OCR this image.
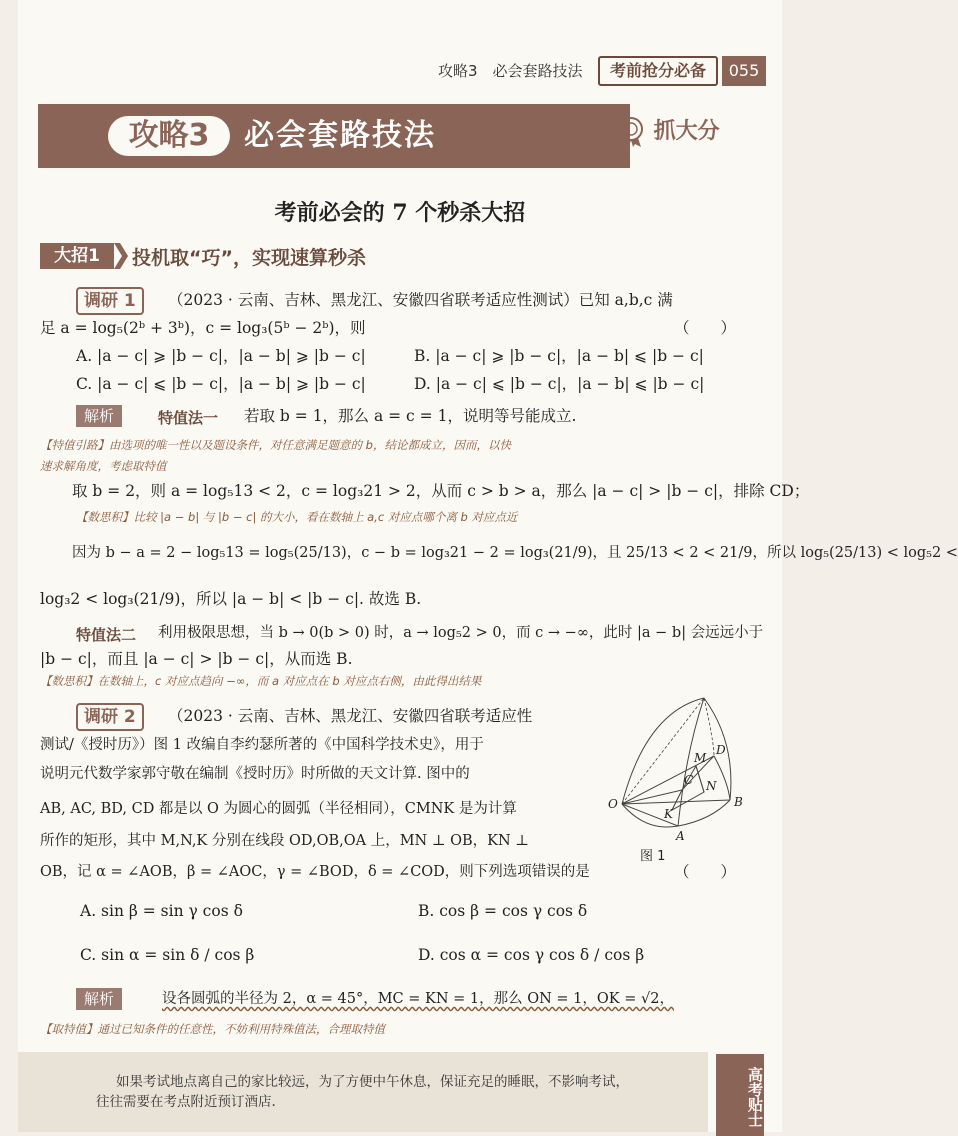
攻略3　必会套路技法	考前抢分必备	055
攻略3	必会套路技法	抓大分
考前必会的 7 个秒杀大招
大招1	投机取“巧”，实现速算秒杀
调研 1	（2023 · 云南、吉林、黑龙江、安徽四省联考适应性测试）已知 a,b,c 满
足 a = log₅(2ᵇ + 3ᵇ)，c = log₃(5ᵇ − 2ᵇ)，则	（　　）
A. |a − c| ⩾ |b − c|，|a − b| ⩾ |b − c|	B. |a − c| ⩾ |b − c|，|a − b| ⩽ |b − c|
C. |a − c| ⩽ |b − c|，|a − b| ⩾ |b − c|	D. |a − c| ⩽ |b − c|，|a − b| ⩽ |b − c|
解析	特值法一 若取 b = 1，那么 a = c = 1，说明等号能成立.
【特值引路】由选项的唯一性以及题设条件，对任意满足题意的 b，结论都成立，因而，以快
速求解角度，考虑取特值
取 b = 2，则 a = log₅13 < 2，c = log₃21 > 2，从而 c > b > a，那么 |a − c| > |b − c|，排除 CD；
【数思积】比较 |a − b| 与 |b − c| 的大小，看在数轴上 a,c 对应点哪个离 b 对应点近
因为 b − a = 2 − log₅13 = log₅(25/13)，c − b = log₃21 − 2 = log₃(21/9)，且 25/13 < 2 < 21/9，所以 log₅(25/13) < log₅2 <
log₃2 < log₃(21/9)，所以 |a − b| < |b − c|. 故选 B.
特值法二 利用极限思想，当 b → 0(b > 0) 时，a → log₅2 > 0，而 c → −∞，此时 |a − b| 会远远小于
|b − c|，而且 |a − c| > |b − c|，从而选 B.
【数思积】在数轴上，c 对应点趋向 −∞，而 a 对应点在 b 对应点右侧，由此得出结果
调研 2	（2023 · 云南、吉林、黑龙江、安徽四省联考适应性
测试/《授时历》）图 1 改编自李约瑟所著的《中国科学技术史》，用于
说明元代数学家郭守敬在编制《授时历》时所做的天文计算. 图中的
AB, AC, BD, CD 都是以 O 为圆心的圆弧（半径相同），CMNK 是为计算
所作的矩形，其中 M,N,K 分别在线段 OD,OB,OA 上，MN ⊥ OB，KN ⊥
OB，记 α = ∠AOB，β = ∠AOC，γ = ∠BOD，δ = ∠COD，则下列选项错误的是	（　　）
O
A
B
C
D
M
N
K
图 1
A. sin β = sin γ cos δ	B. cos β = cos γ cos δ
C. sin α = sin δ / cos β	D. cos α = cos γ cos δ / cos β
解析	设各圆弧的半径为 2，α = 45°，MC = KN = 1，那么 ON = 1，OK = √2，
【取特值】通过已知条件的任意性，不妨利用特殊值法，合理取特值
如果考试地点离自己的家比较远，为了方便中午休息，保证充足的睡眠，不影响考试，
往往需要在考点附近预订酒店.	高考贴士
